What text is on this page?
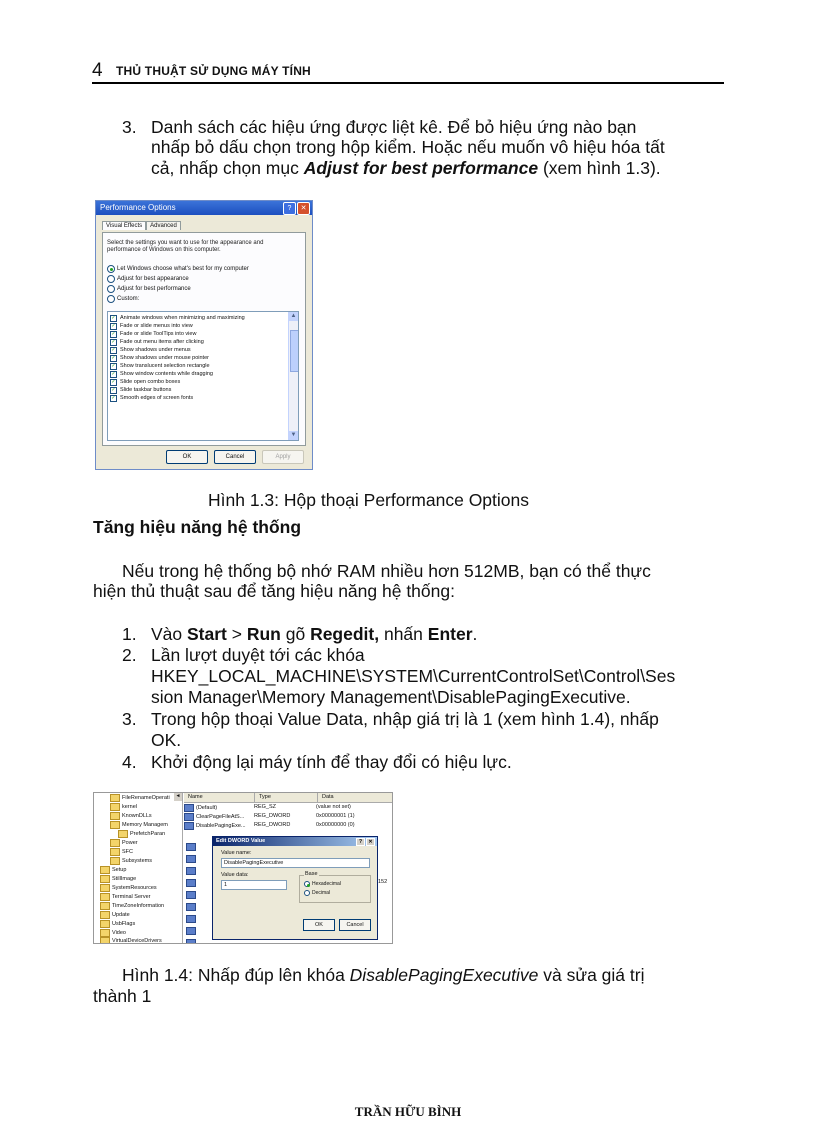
4 THỦ THUẬT SỬ DỤNG MÁY TÍNH
3. Danh sách các hiệu ứng được liệt kê. Để bỏ hiệu ứng nào bạn
nhấp bỏ dấu chọn trong hộp kiểm. Hoặc nếu muốn vô hiệu hóa tất
cả, nhấp chọn mục Adjust for best performance (xem hình 1.3).
Performance Options	?	✕
Visual Effects	Advanced
Select the settings you want to use for the appearance and
performance of Windows on this computer.
Let Windows choose what's best for my computer
Adjust for best appearance
Adjust for best performance
Custom:
✓ Animate windows when minimizing and maximizing
✓ Fade or slide menus into view
✓ Fade or slide ToolTips into view
✓ Fade out menu items after clicking
✓ Show shadows under menus
✓ Show shadows under mouse pointer
✓ Show translucent selection rectangle
✓ Show window contents while dragging
✓ Slide open combo boxes
✓ Slide taskbar buttons
✓ Smooth edges of screen fonts
▲
▼
OK	Cancel	Apply
Hình 1.3: Hộp thoại Performance Options
Tăng hiệu năng hệ thống
Nếu trong hệ thống bộ nhớ RAM nhiều hơn 512MB, bạn có thể thực
hiện thủ thuật sau để tăng hiệu năng hệ thống:
1. Vào Start > Run gõ Regedit, nhấn Enter.
2. Lần lượt duyệt tới các khóa
HKEY_LOCAL_MACHINE\SYSTEM\CurrentControlSet\Control\Ses
sion Manager\Memory Management\DisablePagingExecutive.
3. Trong hộp thoại Value Data, nhập giá trị là 1 (xem hình 1.4), nhấp
OK.
4. Khởi động lại máy tính để thay đổi có hiệu lực.
FileRenameOperati
kernel
KnownDLLs
Memory Managem
PrefetchParan
Power
SFC
Subsystems
Setup
StillImage
SystemResources
Terminal Server
TimeZoneInformation
Update
UsbFlags
Video
VirtualDeviceDrivers
◄	Name	Type	Data
(Default)	REG_SZ	(value not set)
ClearPageFileAtS... REG_DWORD	0x00000001 (1)
DisablePagingExe... REG_DWORD	0x00000000 (0)
152
Edit DWORD Value	?	✕
Value name:
DisablePagingExecutive
Value data:
1
Base
Hexadecimal
Decimal
OK	Cancel
Hình 1.4: Nhấp đúp lên khóa DisablePagingExecutive và sửa giá trị
thành 1
TRẦN HỮU BÌNH
